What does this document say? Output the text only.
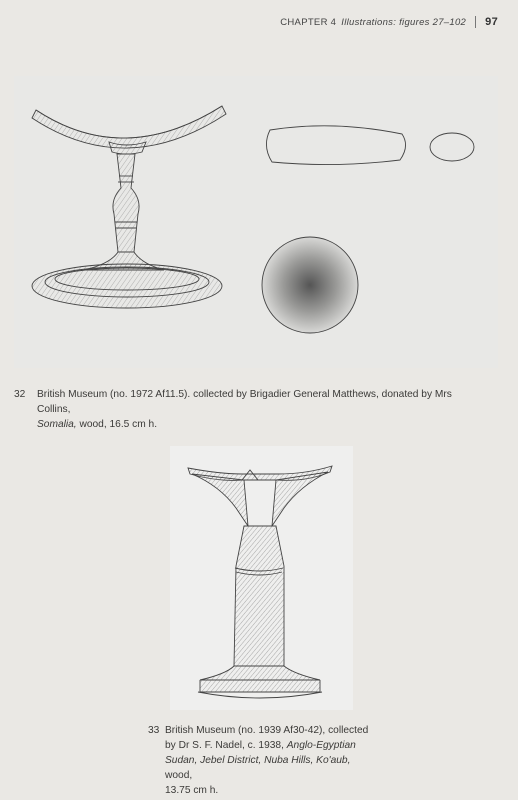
CHAPTER 4 Illustrations: figures 27–102 97
32 British Museum (no. 1972 Af11.5). collected by Brigadier General Matthews, donated by Mrs Collins,
Somalia, wood, 16.5 cm h.
33 British Museum (no. 1939 Af30-42), collected
by Dr S. F. Nadel, c. 1938, Anglo-Egyptian
Sudan, Jebel District, Nuba Hills, Ko'aub, wood,
13.75 cm h.
